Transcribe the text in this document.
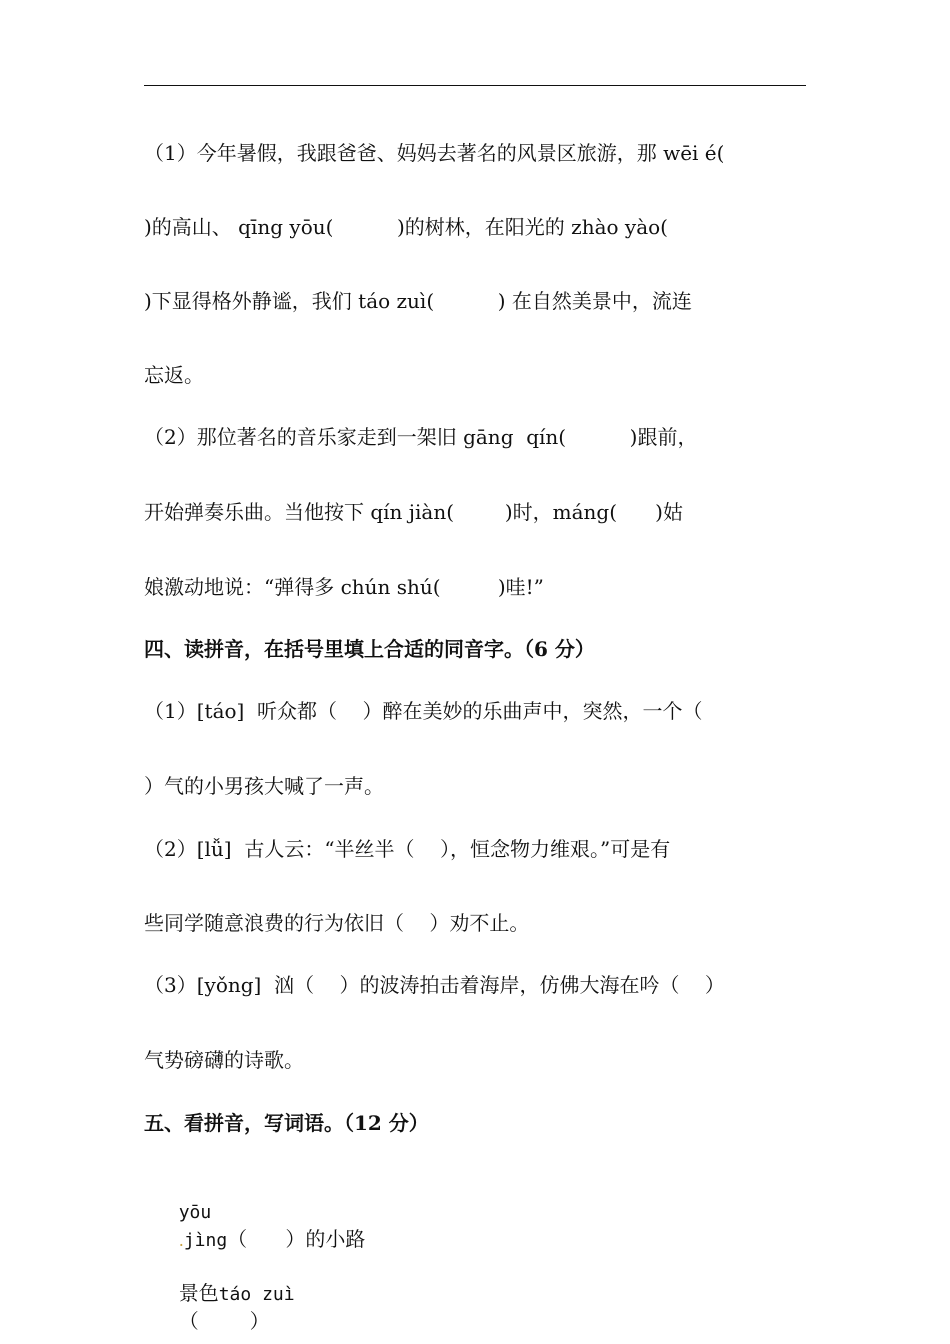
（1）今年暑假，我跟爸爸、妈妈去著名的风景区旅游，那 wēi é(
)的高山、 qīng yōu(          )的树林，在阳光的 zhào yào(
)下显得格外静谧，我们 táo zuì(          ) 在自然美景中，流连
忘返。
（2）那位著名的音乐家走到一架旧 gāng  qín(          )跟前，
开始弹奏乐曲。当他按下 qín jiàn(        )时，máng(      )姑
娘激动地说：“弹得多 chún shú(         )哇!”
四、读拼音，在括号里填上合适的同音字。（6 分）
（1）[táo]  听众都（    ）醉在美妙的乐曲声中，突然，一个（
）气的小男孩大喊了一声。
（2）[lǚ]  古人云：“半丝半（    ），恒念物力维艰。”可是有
些同学随意浪费的行为依旧（    ）劝不止。
（3）[yǒng]  汹（    ）的波涛拍击着海岸，仿佛大海在吟（    ）
气势磅礴的诗歌。
五、看拼音，写词语。（12 分）

yōu
.jìng（      ）的小路

景色táo zuì
（        ）
